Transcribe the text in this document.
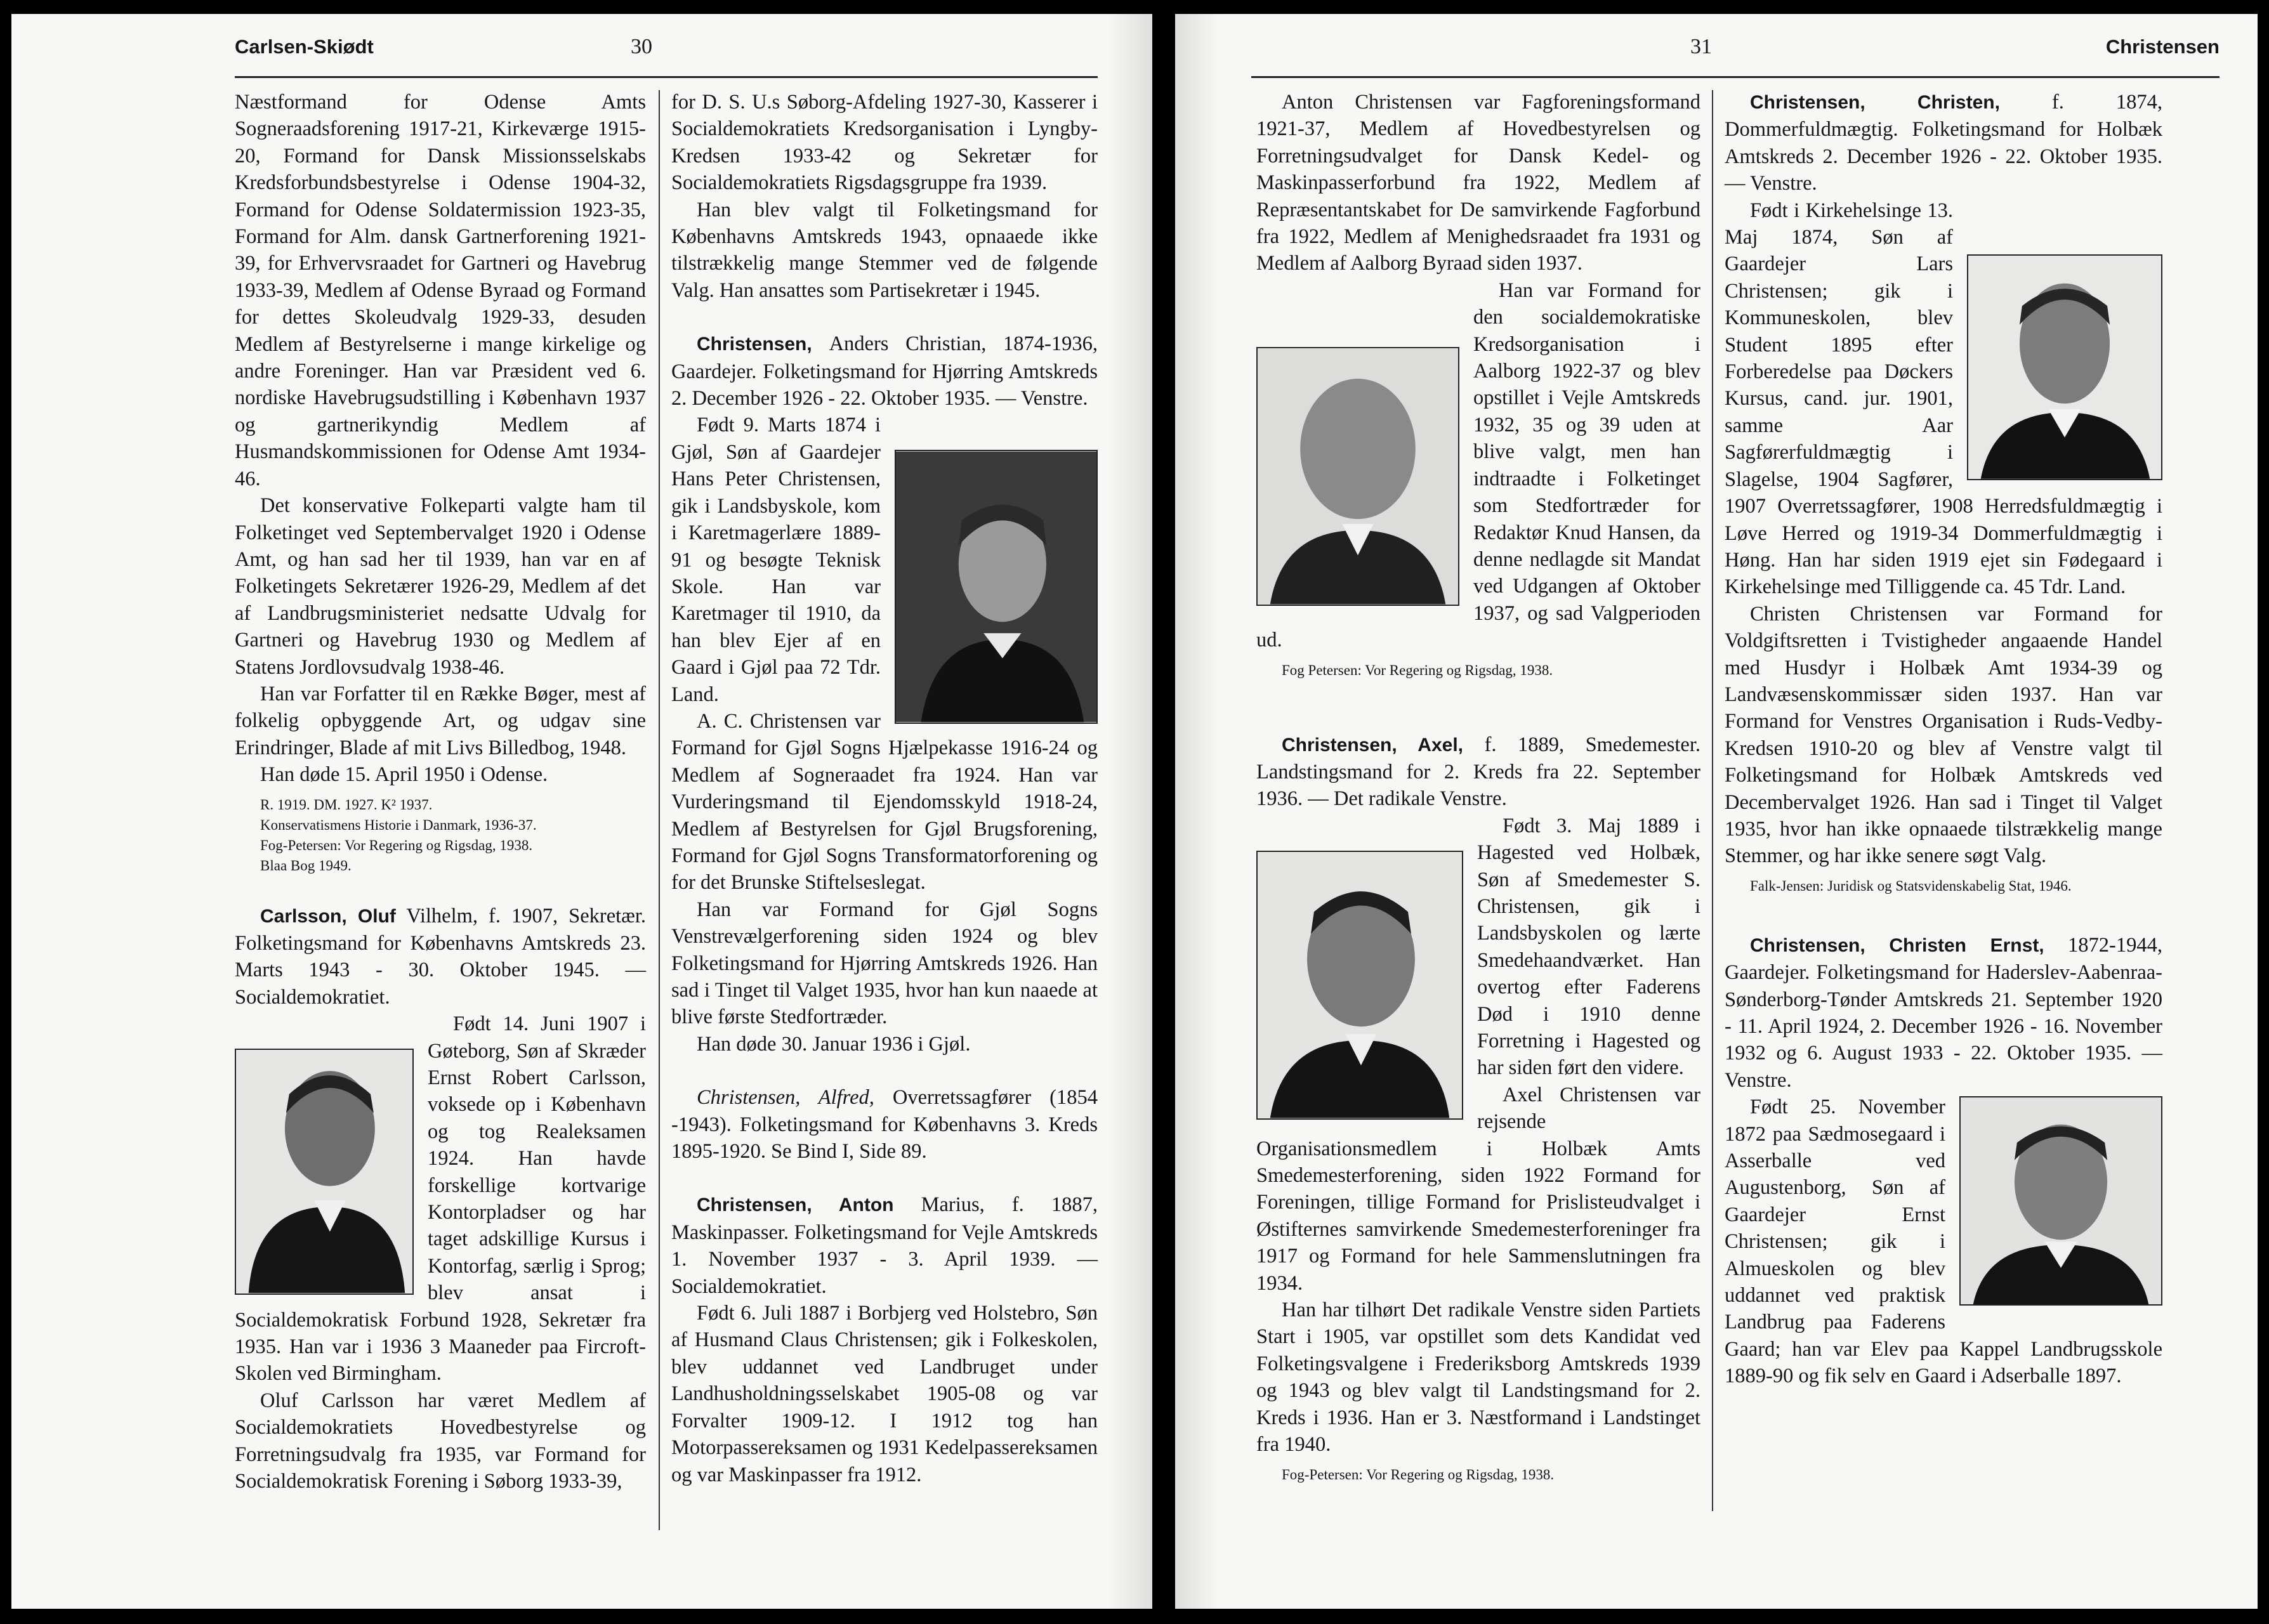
Carlsen-Skiødt	30

Næstformand for Odense Amts Sogneraadsforening 1917-21, Kirkeværge 1915-20, Formand for Dansk Missionsselskabs Kredsforbundsbestyrelse i Odense 1904-32, Formand for Odense Soldatermission 1923-35, Formand for Alm. dansk Gartnerforening 1921-39, for Erhvervsraadet for Gartneri og Havebrug 1933-39, Medlem af Odense Byraad og Formand for dettes Skoleudvalg 1929-33, desuden Medlem af Bestyrelserne i mange kirkelige og andre Foreninger. Han var Præsident ved 6. nordiske Havebrugsudstilling i København 1937 og gartnerikyndig Medlem af Husmandskommissionen for Odense Amt 1934-46.

Det konservative Folkeparti valgte ham til Folketinget ved Septembervalget 1920 i Odense Amt, og han sad her til 1939, han var en af Folketingets Sekretærer 1926-29, Medlem af det af Landbrugsministeriet nedsatte Udvalg for Gartneri og Havebrug 1930 og Medlem af Statens Jordlovsudvalg 1938-46.

Han var Forfatter til en Række Bøger, mest af folkelig opbyggende Art, og udgav sine Erindringer, Blade af mit Livs Billedbog, 1948.

Han døde 15. April 1950 i Odense.

R. 1919. DM. 1927. K² 1937.

Konservatismens Historie i Danmark, 1936-37.

Fog-Petersen: Vor Regering og Rigsdag, 1938.

Blaa Bog 1949.

Carlsson, Oluf Vilhelm, f. 1907, Sekretær. Folketingsmand for Københavns Amtskreds 23. Marts 1943 - 30. Oktober 1945. — Socialdemokratiet.

Født 14. Juni 1907 i Gøteborg, Søn af Skræder Ernst Robert Carlsson, voksede op i København og tog Realeksamen 1924. Han havde forskellige kortvarige Kontorpladser og har taget adskillige Kursus i Kontorfag, særlig i Sprog; blev ansat i Socialdemokratisk Forbund 1928, Sekretær fra 1935. Han var i 1936 3 Maaneder paa Fircroft-Skolen ved Birmingham.

Oluf Carlsson har været Medlem af Socialdemokratiets Hovedbestyrelse og Forretningsudvalg fra 1935, var Formand for Socialdemokratisk Forening i Søborg 1933-39,

for D. S. U.s Søborg-Afdeling 1927-30, Kasserer i Socialdemokratiets Kredsorganisation i Lyngby-Kredsen 1933-42 og Sekretær for Socialdemokratiets Rigsdagsgruppe fra 1939.

Han blev valgt til Folketingsmand for Københavns Amtskreds 1943, opnaaede ikke tilstrækkelig mange Stemmer ved de følgende Valg. Han ansattes som Partisekretær i 1945.

Christensen, Anders Christian, 1874-1936, Gaardejer. Folketingsmand for Hjørring Amtskreds 2. December 1926 - 22. Oktober 1935. — Venstre.

Født 9. Marts 1874 i Gjøl, Søn af Gaardejer Hans Peter Christensen, gik i Landsbyskole, kom i Karetmagerlære 1889-91 og besøgte Teknisk Skole. Han var Karetmager til 1910, da han blev Ejer af en Gaard i Gjøl paa 72 Tdr. Land.

A. C. Christensen var Formand for Gjøl Sogns Hjælpekasse 1916-24 og Medlem af Sogneraadet fra 1924. Han var Vurderingsmand til Ejendomsskyld 1918-24, Medlem af Bestyrelsen for Gjøl Brugsforening, Formand for Gjøl Sogns Transformatorforening og for det Brunske Stiftelseslegat.

Han var Formand for Gjøl Sogns Venstrevælgerforening siden 1924 og blev Folketingsmand for Hjørring Amtskreds 1926. Han sad i Tinget til Valget 1935, hvor han kun naaede at blive første Stedfortræder.

Han døde 30. Januar 1936 i Gjøl.

Christensen, Alfred, Overretssagfører (1854 -1943). Folketingsmand for Københavns 3. Kreds 1895-1920. Se Bind I, Side 89.

Christensen, Anton Marius, f. 1887, Maskinpasser. Folketingsmand for Vejle Amtskreds 1. November 1937 - 3. April 1939. — Socialdemokratiet.

Født 6. Juli 1887 i Borbjerg ved Holstebro, Søn af Husmand Claus Christensen; gik i Folkeskolen, blev uddannet ved Landbruget under Landhusholdningsselskabet 1905-08 og var Forvalter 1909-12. I 1912 tog han Motorpassereksamen og 1931 Kedelpassereksamen og var Maskinpasser fra 1912.

31	Christensen

Anton Christensen var Fagforeningsformand 1921-37, Medlem af Hovedbestyrelsen og Forretningsudvalget for Dansk Kedel- og Maskinpasserforbund fra 1922, Medlem af Repræsentantskabet for De samvirkende Fagforbund fra 1922, Medlem af Menighedsraadet fra 1931 og Medlem af Aalborg Byraad siden 1937.

Han var Formand for den socialdemokratiske Kredsorganisation i Aalborg 1922-37 og blev opstillet i Vejle Amtskreds 1932, 35 og 39 uden at blive valgt, men han indtraadte i Folketinget som Stedfortræder for Redaktør Knud Hansen, da denne nedlagde sit Mandat ved Udgangen af Oktober 1937, og sad Valgperioden ud.

Fog Petersen: Vor Regering og Rigsdag, 1938.

Christensen, Axel, f. 1889, Smedemester. Landstingsmand for 2. Kreds fra 22. September 1936. — Det radikale Venstre.

Født 3. Maj 1889 i Hagested ved Holbæk, Søn af Smedemester S. Christensen, gik i Landsbyskolen og lærte Smedehaandværket. Han overtog efter Faderens Død i 1910 denne Forretning i Hagested og har siden ført den videre.

Axel Christensen var rejsende Organisationsmedlem i Holbæk Amts Smedemesterforening, siden 1922 Formand for Foreningen, tillige Formand for Prislisteudvalget i Østifternes samvirkende Smedemesterforeninger fra 1917 og Formand for hele Sammenslutningen fra 1934.

Han har tilhørt Det radikale Venstre siden Partiets Start i 1905, var opstillet som dets Kandidat ved Folketingsvalgene i Frederiksborg Amtskreds 1939 og 1943 og blev valgt til Landstingsmand for 2. Kreds i 1936. Han er 3. Næstformand i Landstinget fra 1940.

Fog-Petersen: Vor Regering og Rigsdag, 1938.

Christensen, Christen, f. 1874, Dommerfuldmægtig. Folketingsmand for Holbæk Amtskreds 2. December 1926 - 22. Oktober 1935. — Venstre.

Født i Kirkehelsinge 13. Maj 1874, Søn af Gaardejer Lars Christensen; gik i Kommuneskolen, blev Student 1895 efter Forberedelse paa Døckers Kursus, cand. jur. 1901, samme Aar Sagførerfuldmægtig i Slagelse, 1904 Sagfører, 1907 Overretssagfører, 1908 Herredsfuldmægtig i Løve Herred og 1919-34 Dommerfuldmægtig i Høng. Han har siden 1919 ejet sin Fødegaard i Kirkehelsinge med Tilliggende ca. 45 Tdr. Land.

Christen Christensen var Formand for Voldgiftsretten i Tvistigheder angaaende Handel med Husdyr i Holbæk Amt 1934-39 og Landvæsenskommissær siden 1937. Han var Formand for Venstres Organisation i Ruds-Vedby-Kredsen 1910-20 og blev af Venstre valgt til Folketingsmand for Holbæk Amtskreds ved Decembervalget 1926. Han sad i Tinget til Valget 1935, hvor han ikke opnaaede tilstrækkelig mange Stemmer, og har ikke senere søgt Valg.

Falk-Jensen: Juridisk og Statsvidenskabelig Stat, 1946.

Christensen, Christen Ernst, 1872-1944, Gaardejer. Folketingsmand for Haderslev-Aabenraa-Sønderborg-Tønder Amtskreds 21. September 1920 - 11. April 1924, 2. December 1926 - 16. November 1932 og 6. August 1933 - 22. Oktober 1935. — Venstre.

Født 25. November 1872 paa Sædmosegaard i Asserballe ved Augustenborg, Søn af Gaardejer Ernst Christensen; gik i Almueskolen og blev uddannet ved praktisk Landbrug paa Faderens Gaard; han var Elev paa Kappel Landbrugsskole 1889-90 og fik selv en Gaard i Adserballe 1897.
